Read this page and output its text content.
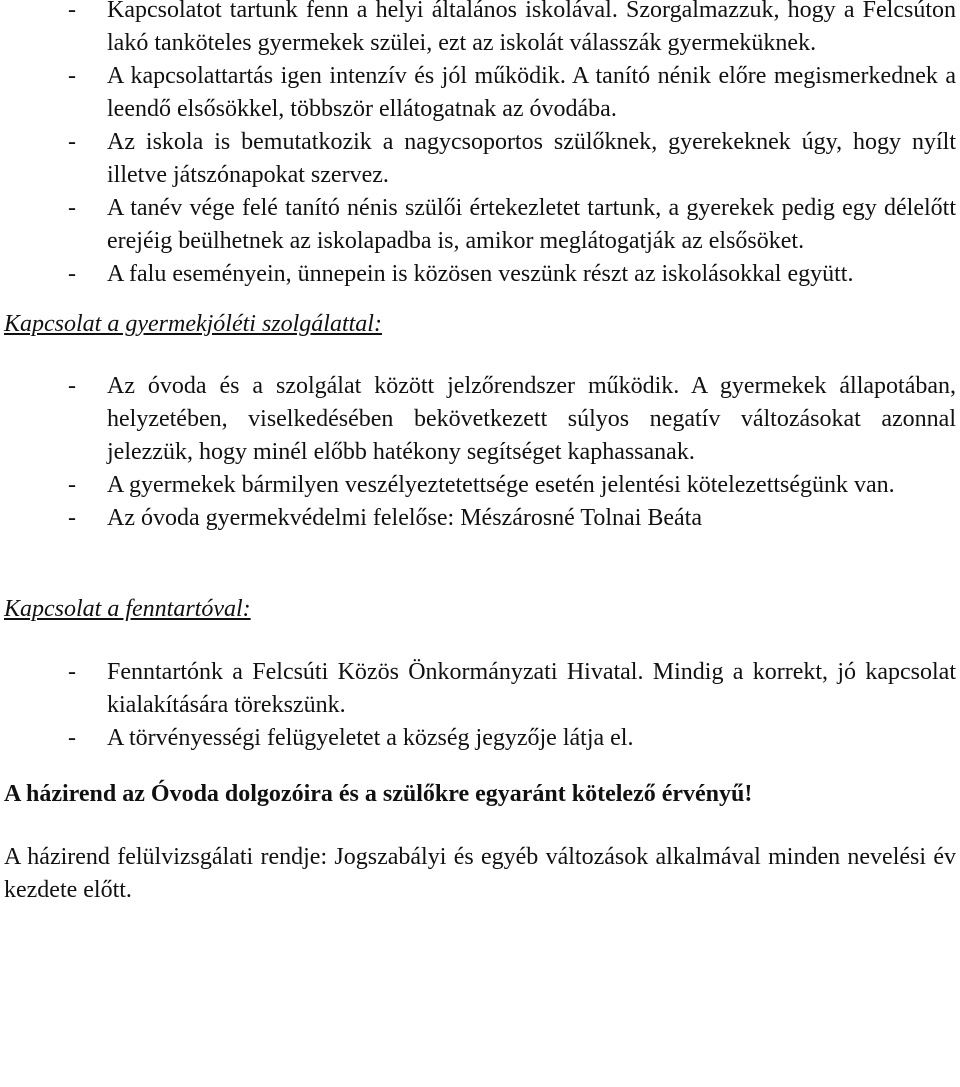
- Kapcsolatot tartunk fenn a helyi általános iskolával. Szorgalmazzuk, hogy a Felcsúton lakó tanköteles gyermekek szülei, ezt az iskolát válasszák gyermeküknek.
- A kapcsolattartás igen intenzív és jól működik. A tanító nénik előre megismerkednek a leendő elsősökkel, többször ellátogatnak az óvodába.
- Az iskola is bemutatkozik a nagycsoportos szülőknek, gyerekeknek úgy, hogy nyílt illetve játszónapokat szervez.
- A tanév vége felé tanító nénis szülői értekezletet tartunk, a gyerekek pedig egy délelőtt erejéig beülhetnek az iskolapadba is, amikor meglátogatják az elsősöket.
- A falu eseményein, ünnepein is közösen veszünk részt az iskolásokkal együtt.
Kapcsolat a gyermekjóléti szolgálattal:
- Az óvoda és a szolgálat között jelzőrendszer működik. A gyermekek állapotában, helyzetében, viselkedésében bekövetkezett súlyos negatív változásokat azonnal jelezzük, hogy minél előbb hatékony segítséget kaphassanak.
- A gyermekek bármilyen veszélyeztetettsége esetén jelentési kötelezettségünk van.
- Az óvoda gyermekvédelmi felelőse: Mészárosné Tolnai Beáta
Kapcsolat a fenntartóval:
- Fenntartónk a Felcsúti Közös Önkormányzati Hivatal. Mindig a korrekt, jó kapcsolat kialakítására törekszünk.
- A törvényességi felügyeletet a község jegyzője látja el.

A házirend az Óvoda dolgozóira és a szülőkre egyaránt kötelező érvényű!

A házirend felülvizsgálati rendje: Jogszabályi és egyéb változások alkalmával minden nevelési év kezdete előtt.
